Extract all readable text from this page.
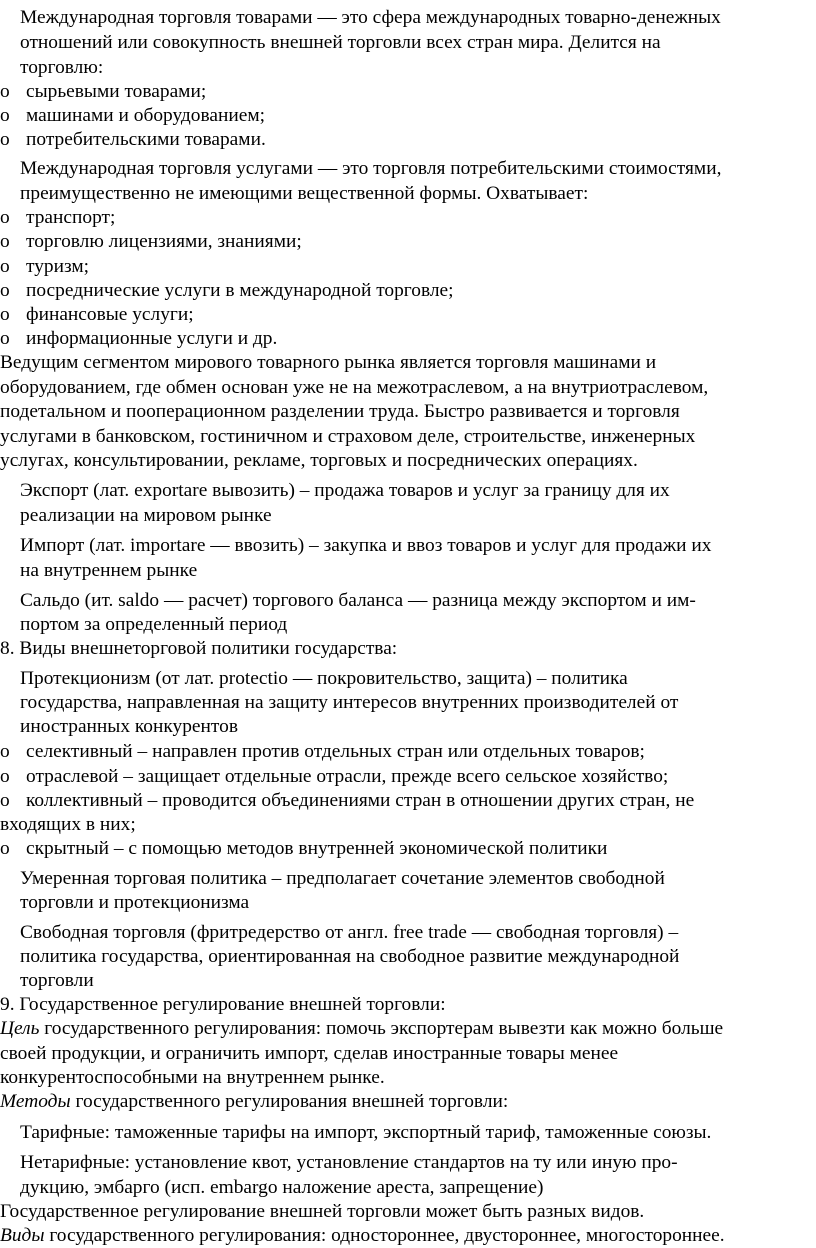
Международная торговля товарами — это сфера международных товарно-денежных
отношений или совокупность внешней торговли всех стран мира. Делится на
торговлю:
o сырьевыми товарами;
o машинами и оборудованием;
o потребительскими товарами.
Международная торговля услугами — это торговля потребительскими стоимостями,
преимущественно не имеющими вещественной формы. Охватывает:
o транспорт;
o торговлю лицензиями, знаниями;
o туризм;
o посреднические услуги в международной торговле;
o финансовые услуги;
o информационные услуги и др.
Ведущим сегментом мирового товарного рынка является торговля машинами и
оборудованием, где обмен основан уже не на межотраслевом, а на внутриотраслевом,
подетальном и пооперационном разделении труда. Быстро развивается и торговля
услугами в банковском, гостиничном и страховом деле, строительстве, инженерных
услугах, консультировании, рекламе, торговых и посреднических операциях.
Экспорт (лат. exportare вывозить) – продажа товаров и услуг за границу для их
реализации на мировом рынке
Импорт (лат. importare — ввозить) – закупка и ввоз товаров и услуг для продажи их
на внутреннем рынке
Сальдо (ит. saldo — расчет) торгового баланса — разница между экспортом и им-
портом за определенный период
8. Виды внешнеторговой политики государства:
Протекционизм (от лат. protectio — покровительство, защита) – политика
государства, направленная на защиту интересов внутренних производителей от
иностранных конкурентов
o селективный – направлен против отдельных стран или отдельных товаров;
o отраслевой – защищает отдельные отрасли, прежде всего сельское хозяйство;
o коллективный – проводится объединениями стран в отношении других стран, не
входящих в них;
o скрытный – с помощью методов внутренней экономической политики
Умеренная торговая политика – предполагает сочетание элементов свободной
торговли и протекционизма
Свободная торговля (фритредерство от англ. free trade — свободная торговля) –
политика государства, ориентированная на свободное развитие международной
торговли
9. Государственное регулирование внешней торговли:
Цель государственного регулирования: помочь экспортерам вывезти как можно больше
своей продукции, и ограничить импорт, сделав иностранные товары менее
конкурентоспособными на внутреннем рынке.
Методы государственного регулирования внешней торговли:
Тарифные: таможенные тарифы на импорт, экспортный тариф, таможенные союзы.
Нетарифные: установление квот, установление стандартов на ту или иную про-
дукцию, эмбарго (исп. embargo наложение ареста, запрещение)
Государственное регулирование внешней торговли может быть разных видов.
Виды государственного регулирования: одностороннее, двустороннее, многостороннее.
